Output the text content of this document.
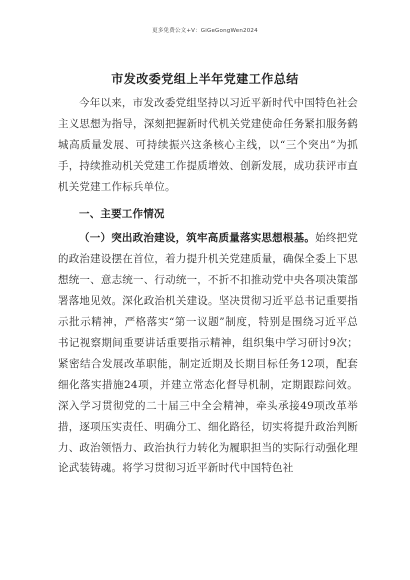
更多免费公文+V：GiGeGongWen2024
市发改委党组上半年党建工作总结

今年以来，市发改委党组坚持以习近平新时代中国特色社会主义思想为指导，深刻把握新时代机关党建使命任务紧扣服务鹤城高质量发展、可持续振兴这条核心主线，以“三个突出”为抓手，持续推动机关党建工作提质增效、创新发展，成功获评市直机关党建工作标兵单位。

一、主要工作情况

（一）突出政治建设，筑牢高质量落实思想根基。始终把党的政治建设摆在首位，着力提升机关党建质量，确保全委上下思想统一、意志统一、行动统一，不折不扣推动党中央各项决策部署落地见效。深化政治机关建设。坚决贯彻习近平总书记重要指示批示精神，严格落实“第一议题”制度，特别是围绕习近平总书记视察期间重要讲话重要指示精神，组织集中学习研讨9次；紧密结合发展改革职能，制定近期及长期目标任务12项，配套细化落实措施24项，并建立常态化督导机制，定期跟踪问效。深入学习贯彻党的二十届三中全会精神，牵头承接49项改革举措，逐项压实责任、明确分工、细化路径，切实将提升政治判断力、政治领悟力、政治执行力转化为履职担当的实际行动强化理论武装铸魂。将学习贯彻习近平新时代中国特色社
